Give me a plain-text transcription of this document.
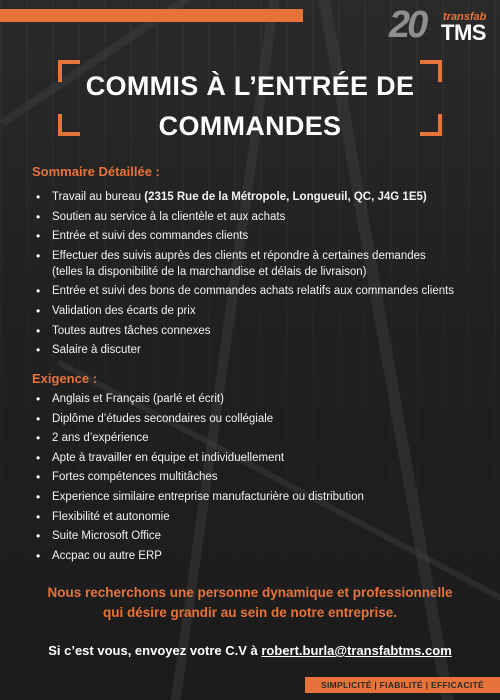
20 transfab
TMS
COMMIS À L’ENTRÉE DE
COMMANDES
Sommaire Détaillée :
• Travail au bureau (2315 Rue de la Métropole, Longueuil, QC, J4G 1E5)
• Soutien au service à la clientèle et aux achats
• Entrée et suivi des commandes clients
• Effectuer des suivis auprès des clients et répondre à certaines demandes
(telles la disponibilité de la marchandise et délais de livraison)
• Entrée et suivi des bons de commandes achats relatifs aux commandes clients
• Validation des écarts de prix
• Toutes autres tâches connexes
• Salaire à discuter
Exigence :
• Anglais et Français (parlé et écrit)
• Diplôme d’études secondaires ou collégiale
• 2 ans d’expérience
• Apte à travailler en équipe et individuellement
• Fortes compétences multitâches
• Experience similaire entreprise manufacturière ou distribution
• Flexibilité et autonomie
• Suite Microsoft Office
• Accpac ou autre ERP
Nous recherchons une personne dynamique et professionnelle
qui désire grandir au sein de notre entreprise.
Si c’est vous, envoyez votre C.V à robert.burla@transfabtms.com
SIMPLICITÉ | FIABILITÉ | EFFICACITÉ
